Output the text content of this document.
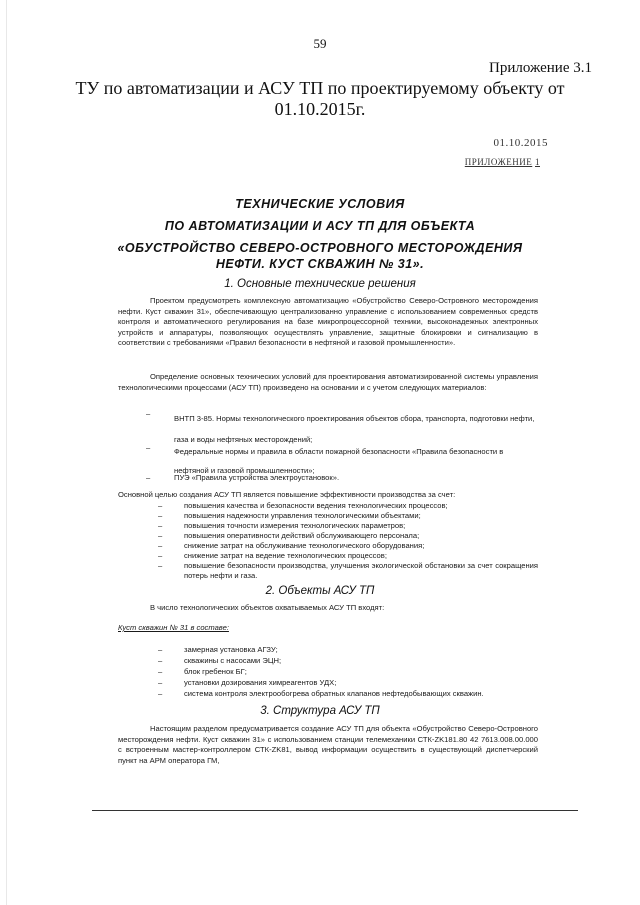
59
Приложение 3.1
ТУ по автоматизации и АСУ ТП по проектируемому объекту от
01.10.2015г.
01.10.2015
ПРИЛОЖЕНИЕ 1
ТЕХНИЧЕСКИЕ УСЛОВИЯ
ПО АВТОМАТИЗАЦИИ И АСУ ТП ДЛЯ ОБЪЕКТА
«ОБУСТРОЙСТВО СЕВЕРО-ОСТРОВНОГО МЕСТОРОЖДЕНИЯ
НЕФТИ. КУСТ СКВАЖИН № 31».
1. Основные технические решения
Проектом предусмотреть комплексную автоматизацию «Обустройство Северо-Островного месторождения нефти. Куст скважин 31», обеспечивающую централизованно управление с использованием современных средств контроля и автоматического регулирования на базе микропроцессорной техники, высоконадежных электронных устройств и аппаратуры, позволяющих осуществлять управление, защитные блокировки и сигнализацию в соответствии с требованиями «Правил безопасности в нефтяной и газовой промышленности».
Определение основных технических условий для проектирования автоматизированной системы управления технологическими процессами (АСУ ТП) произведено на основании и с учетом следующих материалов:
–
ВНТП 3-85. Нормы технологического проектирования объектов сбора, транспорта, подготовки нефти, газа и воды нефтяных месторождений;
–	Федеральные нормы и правила в области пожарной безопасности «Правила безопасности в нефтяной и газовой промышленности»;
–	ПУЭ «Правила устройства электроустановок».
Основной целью создания АСУ ТП является повышение эффективности производства за счет:
–	повышения качества и безопасности ведения технологических процессов;
–	повышения надежности управления технологическими объектами;
–	повышения точности измерения технологических параметров;
–	повышения оперативности действий обслуживающего персонала;
–	снижение затрат на обслуживание технологического оборудования;
–	снижение затрат на ведение технологических процессов;
–	повышение безопасности производства, улучшения экологической обстановки за счет сокращения потерь нефти и газа.
2. Объекты АСУ ТП
В число технологических объектов охватываемых АСУ ТП входят:
Куст скважин № 31 в составе:
–	замерная установка АГЗУ;
–	скважины с насосами ЭЦН;
–	блок гребенок БГ;
–	установки дозирования химреагентов УДХ;
–	система контроля электрообогрева обратных клапанов нефтедобывающих скважин.
3. Структура АСУ ТП
Настоящим разделом предусматривается создание АСУ ТП для объекта «Обустройство Северо-Островного месторождения нефти. Куст скважин 31» с использованием станции телемеханики СТК-ZK181.80 42 7613.008.00.000 с встроенным мастер-контроллером СТК-ZK81, вывод информации осуществить в существующий диспетчерский пункт на АРМ оператора ГМ,
